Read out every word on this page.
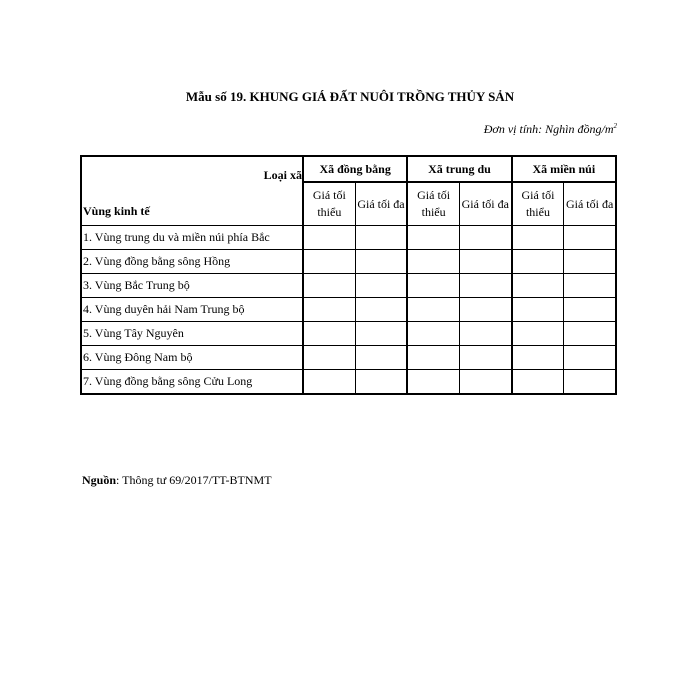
Mẫu số 19. KHUNG GIÁ ĐẤT NUÔI TRỒNG THỦY SẢN
Đơn vị tính: Nghìn đồng/$m^2$
Loại xã
Vùng kinh tế	Xã đồng bằng		Xã trung du		Xã miền núi	
	Giá tối thiểu	Giá tối đa	Giá tối thiểu	Giá tối đa	Giá tối thiểu	Giá tối đa
1. Vùng trung du và miền núi phía Bắc						
2. Vùng đồng bằng sông Hồng						
3. Vùng Bắc Trung bộ						
4. Vùng duyên hải Nam Trung bộ						
5. Vùng Tây Nguyên						
6. Vùng Đông Nam bộ						
7. Vùng đồng bằng sông Cửu Long						
Nguồn: Thông tư 69/2017/TT-BTNMT
